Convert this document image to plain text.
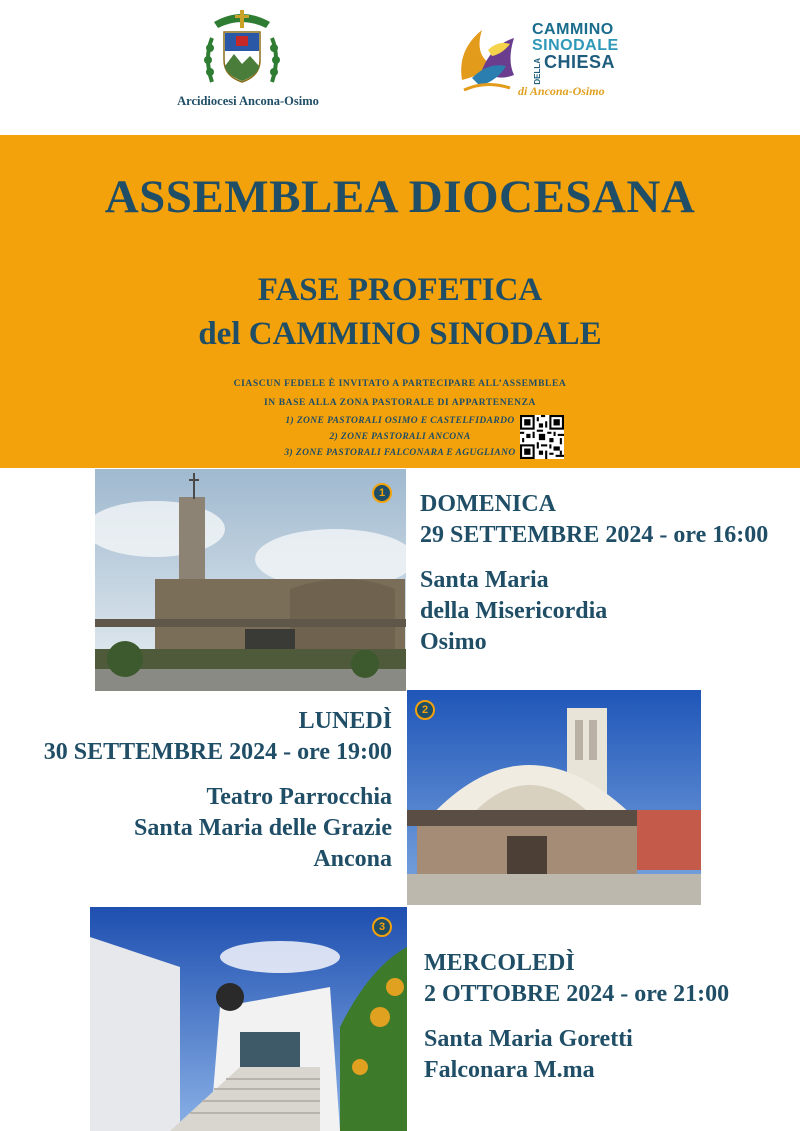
Arcidiocesi Ancona-Osimo
CAMMINO
SINODALE
CHIESA
DELLA
di Ancona-Osimo
ASSEMBLEA DIOCESANA
FASE PROFETICA
del CAMMINO SINODALE
CIASCUN FEDELE È INVITATO A PARTECIPARE ALL’ASSEMBLEA
IN BASE ALLA ZONA PASTORALE DI APPARTENENZA
1) ZONE PASTORALI OSIMO E CASTELFIDARDO
2) ZONE PASTORALI ANCONA
3) ZONE PASTORALI FALCONARA E AGUGLIANO
1 DOMENICA
29 SETTEMBRE 2024 - ore 16:00
Santa Maria
della Misericordia
Osimo
LUNEDÌ
30 SETTEMBRE 2024 - ore 19:00
Teatro Parrocchia
Santa Maria delle Grazie
Ancona
2
3
MERCOLEDÌ
2 OTTOBRE 2024 - ore 21:00
Santa Maria Goretti
Falconara M.ma
